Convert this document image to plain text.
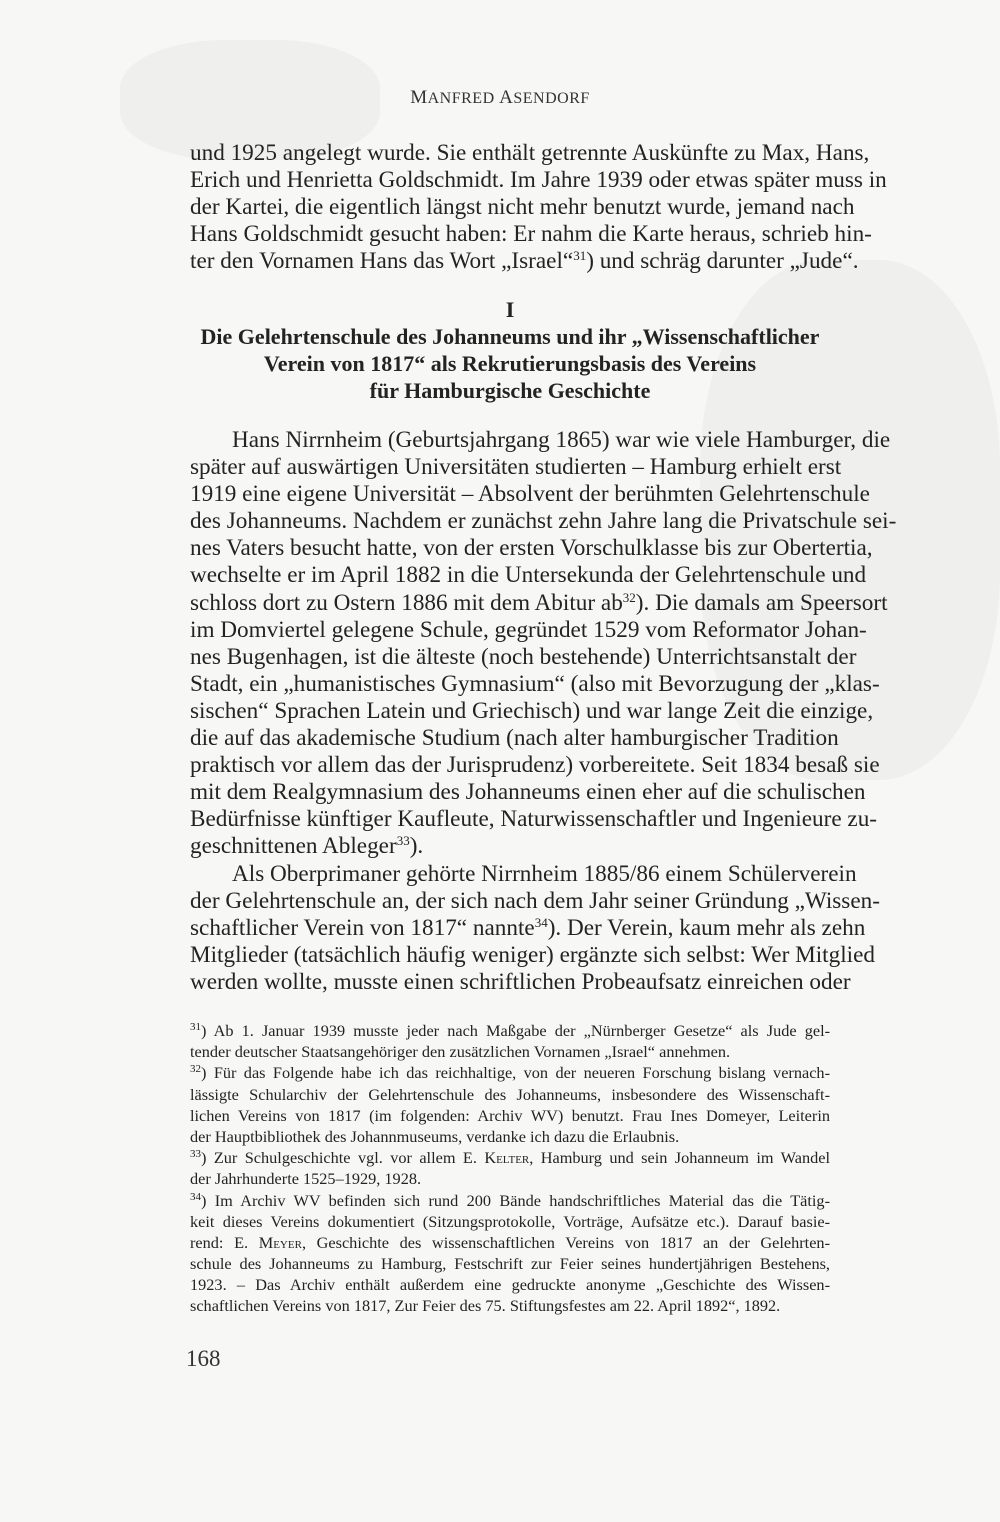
MANFRED ASENDORF
und 1925 angelegt wurde. Sie enthält getrennte Auskünfte zu Max, Hans,
Erich und Henrietta Goldschmidt. Im Jahre 1939 oder etwas später muss in
der Kartei, die eigentlich längst nicht mehr benutzt wurde, jemand nach
Hans Goldschmidt gesucht haben: Er nahm die Karte heraus, schrieb hin-
ter den Vornamen Hans das Wort „Israel“$^{31}$) und schräg darunter „Jude“.
I
Die Gelehrtenschule des Johanneums und ihr „Wissenschaftlicher
Verein von 1817“ als Rekrutierungsbasis des Vereins
für Hamburgische Geschichte
Hans Nirrnheim (Geburtsjahrgang 1865) war wie viele Hamburger, die
später auf auswärtigen Universitäten studierten – Hamburg erhielt erst
1919 eine eigene Universität – Absolvent der berühmten Gelehrtenschule
des Johanneums. Nachdem er zunächst zehn Jahre lang die Privatschule sei-
nes Vaters besucht hatte, von der ersten Vorschulklasse bis zur Obertertia,
wechselte er im April 1882 in die Untersekunda der Gelehrtenschule und
schloss dort zu Ostern 1886 mit dem Abitur $ab^{32}$). Die damals am Speersort
im Domviertel gelegene Schule, gegründet 1529 vom Reformator Johan-
nes Bugenhagen, ist die älteste (noch bestehende) Unterrichtsanstalt der
Stadt, ein „humanistisches Gymnasium“ (also mit Bevorzugung der „klas-
sischen“ Sprachen Latein und Griechisch) und war lange Zeit die einzige,
die auf das akademische Studium (nach alter hamburgischer Tradition
praktisch vor allem das der Jurisprudenz) vorbereitete. Seit 1834 besaß sie
mit dem Realgymnasium des Johanneums einen eher auf die schulischen
Bedürfnisse künftiger Kaufleute, Naturwissenschaftler und Ingenieure zu-
geschnittenen Ableger$^{33}$).
Als Oberprimaner gehörte Nirrnheim 1885/86 einem Schülerverein
der Gelehrtenschule an, der sich nach dem Jahr seiner Gründung „Wissen-
schaftlicher Verein von 1817“ nannte$^{34}$). Der Verein, kaum mehr als zehn
Mitglieder (tatsächlich häufig weniger) ergänzte sich selbst: Wer Mitglied
werden wollte, musste einen schriftlichen Probeaufsatz einreichen oder
$^{31}$) Ab 1. Januar 1939 musste jeder nach Maßgabe der „Nürnberger Gesetze“ als Jude gel-
tender deutscher Staatsangehöriger den zusätzlichen Vornamen „Israel“ annehmen.
$^{32}$) Für das Folgende habe ich das reichhaltige, von der neueren Forschung bislang vernach-
lässigte Schularchiv der Gelehrtenschule des Johanneums, insbesondere des Wissenschaft-
lichen Vereins von 1817 (im folgenden: Archiv WV) benutzt. Frau Ines Domeyer, Leiterin
der Hauptbibliothek des Johannmuseums, verdanke ich dazu die Erlaubnis.
$^{33}$) Zur Schulgeschichte vgl. vor allem E. Kelter, Hamburg und sein Johanneum im Wandel
der Jahrhunderte 1525–1929, 1928.
$^{34}$) Im Archiv WV befinden sich rund 200 Bände handschriftliches Material das die Tätig-
keit dieses Vereins dokumentiert (Sitzungsprotokolle, Vorträge, Aufsätze etc.). Darauf basie-
rend: E. Meyer, Geschichte des wissenschaftlichen Vereins von 1817 an der Gelehrten-
schule des Johanneums zu Hamburg, Festschrift zur Feier seines hundertjährigen Bestehens,
1923. – Das Archiv enthält außerdem eine gedruckte anonyme „Geschichte des Wissen-
schaftlichen Vereins von 1817, Zur Feier des 75. Stiftungsfestes am 22. April 1892“, 1892.
168
